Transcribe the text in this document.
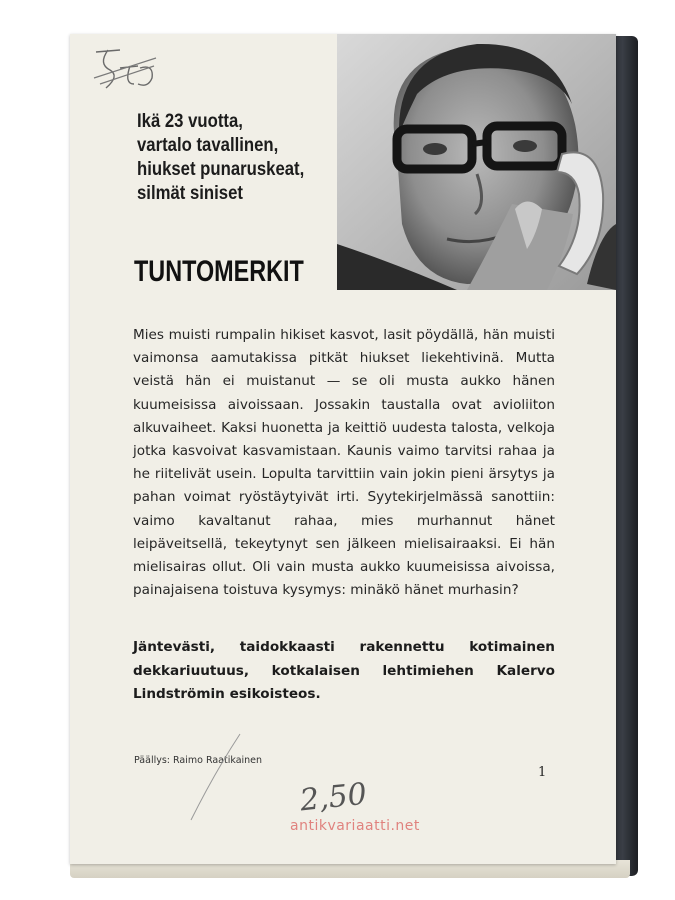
Ikä 23 vuotta,
vartalo tavallinen,
hiukset punaruskeat,
silmät siniset
TUNTOMERKIT
Mies muisti rumpalin hikiset kasvot, lasit pöydällä, hän muisti vaimonsa aamutakissa pitkät hiukset liekehtivinä. Mutta veistä hän ei muistanut — se oli musta aukko hänen kuumeisissa aivoissaan. Jossakin taustalla ovat avioliiton alkuvaiheet. Kaksi huonetta ja keittiö uudesta talosta, velkoja jotka kasvoivat kasvamistaan. Kaunis vaimo tarvitsi rahaa ja he riitelivät usein. Lopulta tarvittiin vain jokin pieni ärsytys ja pahan voimat ryöstäytyivät irti. Syytekirjelmässä sanottiin: vaimo kavaltanut rahaa, mies murhannut hänet leipäveitsellä, tekeytynyt sen jälkeen mielisairaaksi. Ei hän mielisairas ollut. Oli vain musta aukko kuumeisissa aivoissa, painajaisena toistuva kysymys: minäkö hänet murhasin?
Jäntevästi, taidokkaasti rakennettu kotimainen dekkariuutuus, kotkalaisen lehtimiehen Kalervo Lindströmin esikoisteos.
Päällys: Raimo Raatikainen
1
2,50
antikvariaatti.net
